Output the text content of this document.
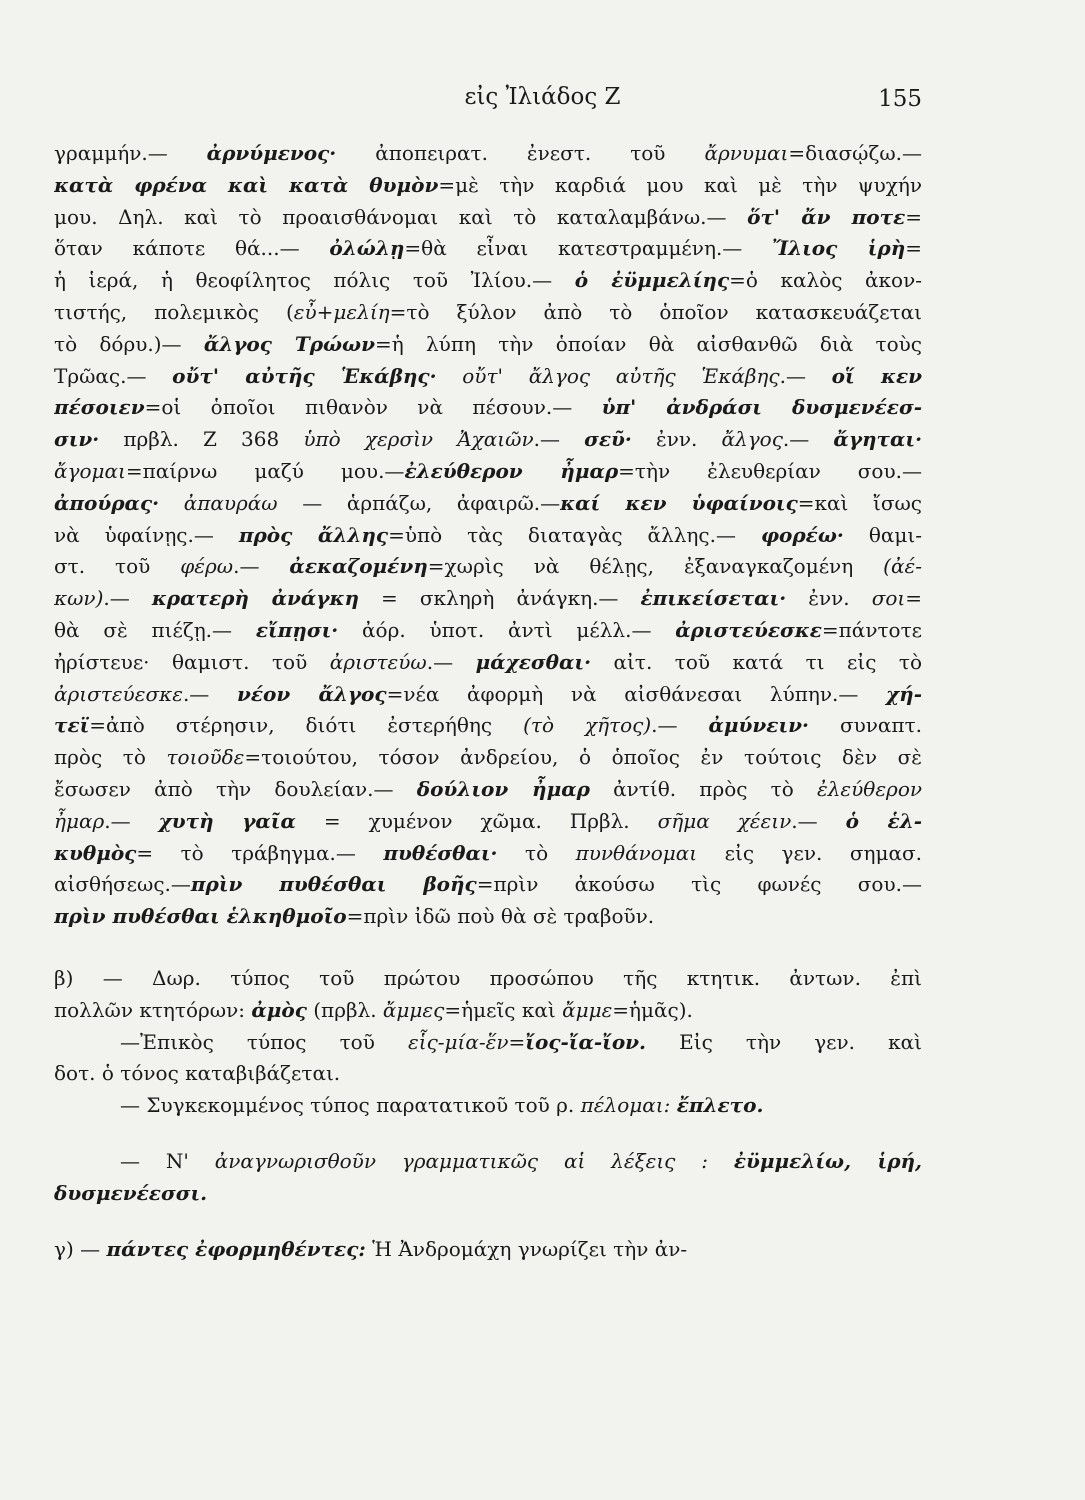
εἰς Ἰλιάδος Ζ	155
γραμμήν.— ἀρνύμενος· ἀποπειρατ. ἐνεστ. τοῦ ἄρνυμαι=διασῴζω.—
κατὰ φρένα καὶ κατὰ θυμὸν=μὲ τὴν καρδιά μου καὶ μὲ τὴν ψυχήν
μου. Δηλ. καὶ τὸ προαισθάνομαι καὶ τὸ καταλαμβάνω.— ὅτ' ἄν ποτε=
ὅταν κάποτε θά...— ὀλώλῃ=θὰ εἶναι κατεστραμμένη.— Ἴλιος ἱρὴ=
ἡ ἱερά, ἡ θεοφίλητος πόλις τοῦ Ἰλίου.— ὁ ἐϋμμελίης=ὁ καλὸς ἀκον-
τιστής, πολεμικὸς (εὖ+μελίη=τὸ ξύλον ἀπὸ τὸ ὁποῖον κατασκευάζεται
τὸ δόρυ.)— ἄλγος Τρώων=ἡ λύπη τὴν ὁποίαν θὰ αἰσθανθῶ διὰ τοὺς
Τρῶας.— οὔτ' αὐτῆς Ἑκάβης· οὔτ' ἄλγος αὐτῆς Ἑκάβης.— οἵ κεν
πέσοιεν=οἱ ὁποῖοι πιθανὸν νὰ πέσουν.— ὑπ' ἀνδράσι δυσμενέεσ-
σιν· πρβλ. Ζ 368 ὑπὸ χερσὶν Ἀχαιῶν.— σεῦ· ἐνν. ἄλγος.— ἄγηται·
ἄγομαι=παίρνω μαζύ μου.—ἐλεύθερον ἦμαρ=τὴν ἐλευθερίαν σου.—
ἀπούρας· ἀπαυράω — ἁρπάζω, ἀφαιρῶ.—καί κεν ὑφαίνοις=καὶ ἴσως
νὰ ὑφαίνῃς.— πρὸς ἄλλης=ὑπὸ τὰς διαταγὰς ἄλλης.— φορέω· θαμι-
στ. τοῦ φέρω.— ἀεκαζομένη=χωρὶς νὰ θέλῃς, ἐξαναγκαζομένη (ἀέ-
κων).— κρατερὴ ἀνάγκη = σκληρὴ ἀνάγκη.— ἐπικείσεται· ἐνν. σοι=
θὰ σὲ πιέζῃ.— εἴπῃσι· ἀόρ. ὑποτ. ἀντὶ μέλλ.— ἀριστεύεσκε=πάντοτε
ἠρίστευε· θαμιστ. τοῦ ἀριστεύω.— μάχεσθαι· αἰτ. τοῦ κατά τι εἰς τὸ
ἀριστεύεσκε.— νέον ἄλγος=νέα ἀφορμὴ νὰ αἰσθάνεσαι λύπην.— χή-
τεϊ=ἀπὸ στέρησιν, διότι ἐστερήθης (τὸ χῆτος).— ἀμύνειν· συναπτ.
πρὸς τὸ τοιοῦδε=τοιούτου, τόσον ἀνδρείου, ὁ ὁποῖος ἐν τούτοις δὲν σὲ
ἔσωσεν ἀπὸ τὴν δουλείαν.— δούλιον ἦμαρ ἀντίθ. πρὸς τὸ ἐλεύθερον
ἦμαρ.— χυτὴ γαῖα = χυμένον χῶμα. Πρβλ. σῆμα χέειν.— ὁ ἑλ-
κυθμὸς= τὸ τράβηγμα.— πυθέσθαι· τὸ πυνθάνομαι εἰς γεν. σημασ.
αἰσθήσεως.—πρὶν πυθέσθαι βοῆς=πρὶν ἀκούσω τὶς φωνές σου.—
πρὶν πυθέσθαι ἑλκηθμοῖο=πρὶν ἰδῶ ποὺ θὰ σὲ τραβοῦν.
β) — Δωρ. τύπος τοῦ πρώτου προσώπου τῆς κτητικ. ἀντων. ἐπὶ
πολλῶν κτητόρων: ἀμὸς (πρβλ. ἄμμες=ἡμεῖς καὶ ἄμμε=ἡμᾶς).
—Ἐπικὸς τύπος τοῦ εἷς-μία-ἕν=ἴος-ἴα-ἴον. Εἰς τὴν γεν. καὶ
δοτ. ὁ τόνος καταβιβάζεται.
— Συγκεκομμένος τύπος παρατατικοῦ τοῦ ρ. πέλομαι: ἔπλετο.
— Ν' ἀναγνωρισθοῦν γραμματικῶς αἱ λέξεις : ἐϋμμελίω, ἱρή,
δυσμενέεσσι.
γ) — πάντες ἐφορμηθέντες: Ἡ Ἀνδρομάχη γνωρίζει τὴν ἀν-
